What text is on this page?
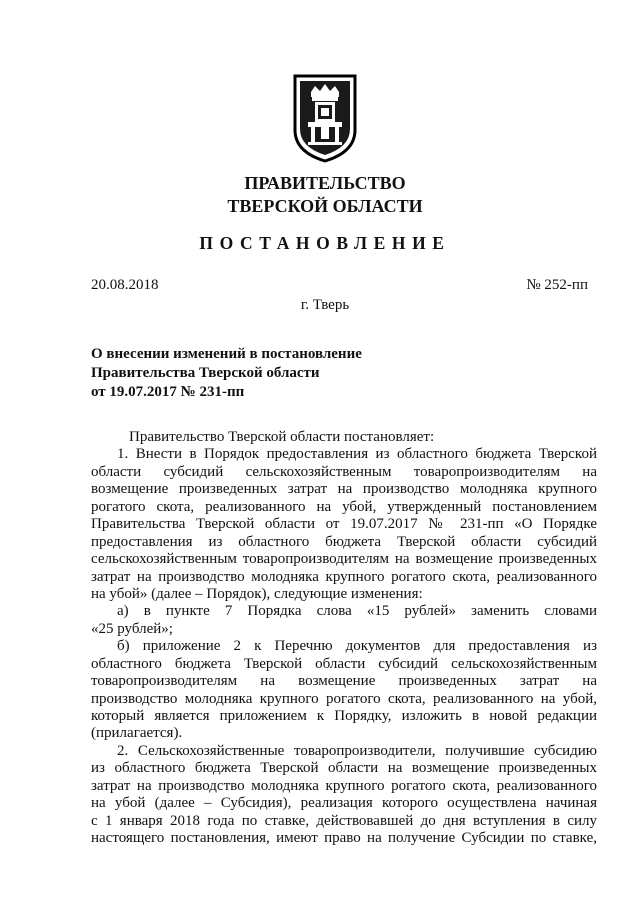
ПРАВИТЕЛЬСТВО
ТВЕРСКОЙ ОБЛАСТИ
ПОСТАНОВЛЕНИЕ
20.08.2018	№ 252-пп
г. Тверь
О внесении изменений в постановление
Правительства Тверской области
от 19.07.2017 № 231-пп
Правительство Тверской области постановляет:
1. Внести в Порядок предоставления из областного бюджета Тверской
области субсидий сельскохозяйственным товаропроизводителям на
возмещение произведенных затрат на производство молодняка крупного
рогатого скота, реализованного на убой, утвержденный постановлением
Правительства Тверской области от 19.07.2017 № 231-пп «О Порядке
предоставления из областного бюджета Тверской области субсидий
сельскохозяйственным товаропроизводителям на возмещение произведенных
затрат на производство молодняка крупного рогатого скота, реализованного
на убой» (далее – Порядок), следующие изменения:
а) в пункте 7 Порядка слова «15 рублей» заменить словами
«25 рублей»;
б) приложение 2 к Перечню документов для предоставления из
областного бюджета Тверской области субсидий сельскохозяйственным
товаропроизводителям на возмещение произведенных затрат на
производство молодняка крупного рогатого скота, реализованного на убой,
который является приложением к Порядку, изложить в новой редакции
(прилагается).
2. Сельскохозяйственные товаропроизводители, получившие субсидию
из областного бюджета Тверской области на возмещение произведенных
затрат на производство молодняка крупного рогатого скота, реализованного
на убой (далее – Субсидия), реализация которого осуществлена начиная
с 1 января 2018 года по ставке, действовавшей до дня вступления в силу
настоящего постановления, имеют право на получение Субсидии по ставке,
